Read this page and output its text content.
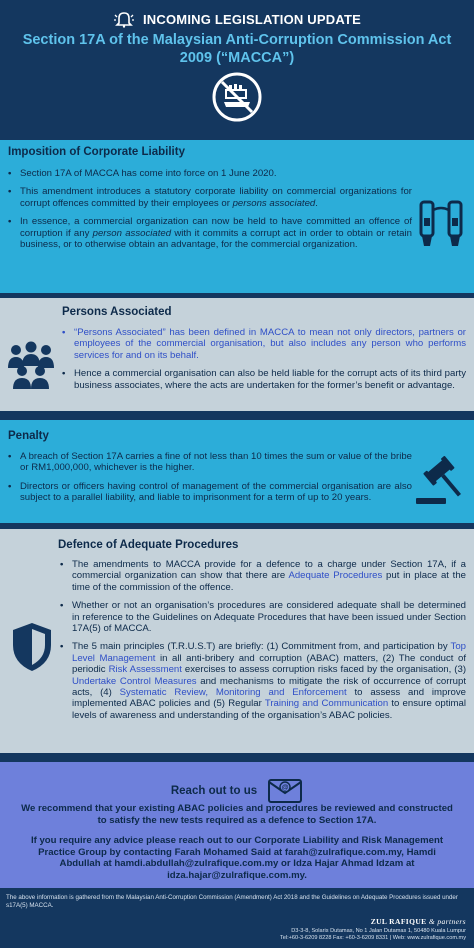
INCOMING LEGISLATION UPDATE
Section 17A of the Malaysian Anti-Corruption Commission Act 2009 (“MACCA”)
Imposition of Corporate Liability
• Section 17A of MACCA has come into force on 1 June 2020.
• This amendment introduces a statutory corporate liability on commercial organizations for corrupt offences committed by their employees or persons associated.
• In essence, a commercial organization can now be held to have committed an offence of corruption if any person associated with it commits a corrupt act in order to obtain or retain business, or to otherwise obtain an advantage, for the commercial organization.
Persons Associated
• “Persons Associated” has been defined in MACCA to mean not only directors, partners or employees of the commercial organisation, but also includes any person who performs services for and on its behalf.
• Hence a commercial organisation can also be held liable for the corrupt acts of its third party business associates, where the acts are undertaken for the former’s benefit or advantage.
Penalty
• A breach of Section 17A carries a fine of not less than 10 times the sum or value of the bribe or RM1,000,000, whichever is the higher.
• Directors or officers having control of management of the commercial organisation are also subject to a parallel liability, and liable to imprisonment for a term of up to 20 years.
Defence of Adequate Procedures
• The amendments to MACCA provide for a defence to a charge under Section 17A, if a commercial organization can show that there are Adequate Procedures put in place at the time of the commission of the offence.
• Whether or not an organisation’s procedures are considered adequate shall be determined in reference to the Guidelines on Adequate Procedures that have been issued under Section 17A(5) of MACCA.
• The 5 main principles (T.R.U.S.T) are briefly: (1) Commitment from, and participation by Top Level Management in all anti-bribery and corruption (ABAC) matters, (2) The conduct of periodic Risk Assessment exercises to assess corruption risks faced by the organisation, (3) Undertake Control Measures and mechanisms to mitigate the risk of occurrence of corrupt acts, (4) Systematic Review, Monitoring and Enforcement to assess and improve implemented ABAC policies and (5) Regular Training and Communication to ensure optimal levels of awareness and understanding of the organisation’s ABAC policies.
Reach out to us	@
We recommend that your existing ABAC policies and procedures be reviewed and constructed to satisfy the new tests required as a defence to Section 17A.
If you require any advice please reach out to our Corporate Liability and Risk Management Practice Group by contacting Farah Mohamed Said at farah@zulrafique.com.my, Hamdi Abdullah at hamdi.abdullah@zulrafique.com.my or Idza Hajar Ahmad Idzam at idza.hajar@zulrafique.com.my.
The above information is gathered from the Malaysian Anti-Corruption Commission (Amendment) Act 2018 and the Guidelines on Adequate Procedures issued under s17A(5) MACCA.
ZUL RAFIQUE & partners
D3-3-8, Solaris Dutamas, No 1 Jalan Dutamas 1, 50480 Kuala Lumpur
Tel:+60-3-6209 8228 Fax: +60-3-6209 8331 | Web: www.zulrafique.com.my
